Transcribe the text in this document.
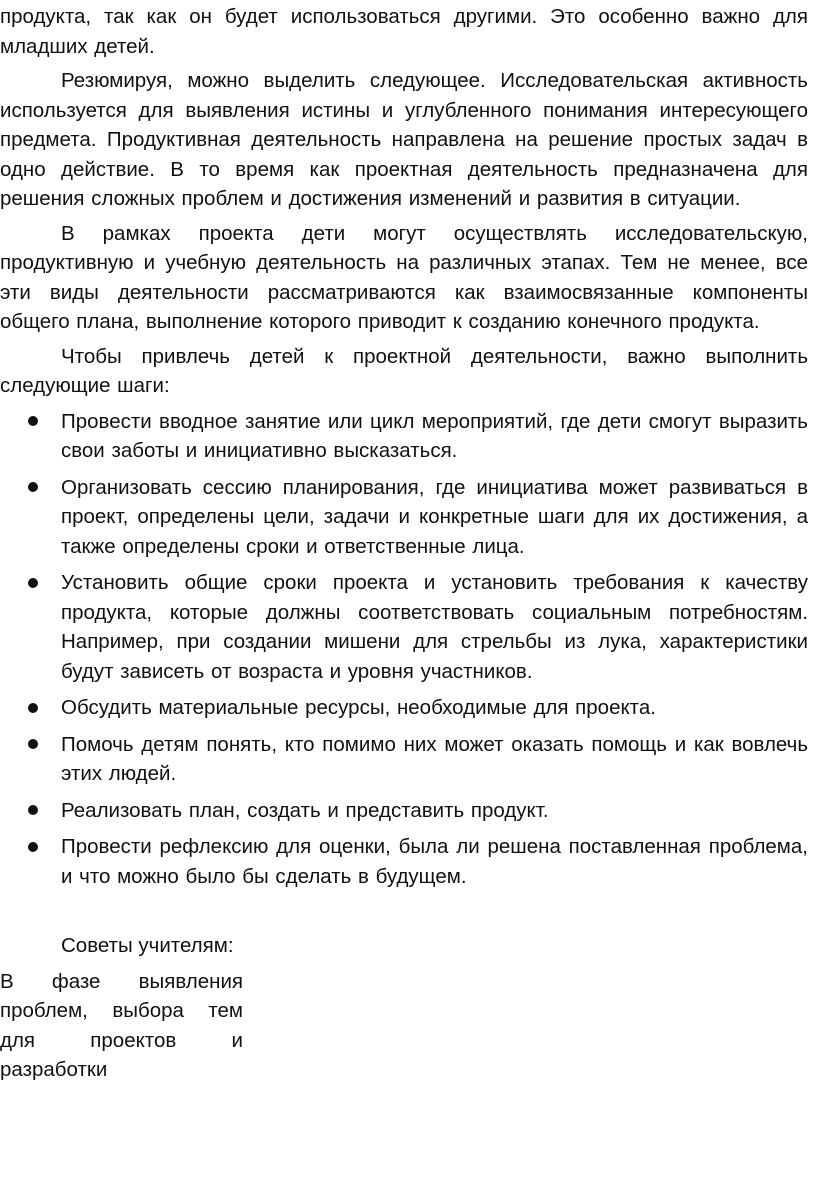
продукта, так как он будет использоваться другими. Это особенно важно для младших детей.

Резюмируя, можно выделить следующее. Исследовательская активность используется для выявления истины и углубленного понимания интересующего предмета. Продуктивная деятельность направлена на решение простых задач в одно действие. В то время как проектная деятельность предназначена для решения сложных проблем и достижения изменений и развития в ситуации.

В рамках проекта дети могут осуществлять исследовательскую, продуктивную и учебную деятельность на различных этапах. Тем не менее, все эти виды деятельности рассматриваются как взаимосвязанные компоненты общего плана, выполнение которого приводит к созданию конечного продукта.

Чтобы привлечь детей к проектной деятельности, важно выполнить следующие шаги:

Провести вводное занятие или цикл мероприятий, где дети смогут выразить свои заботы и инициативно высказаться.
Организовать сессию планирования, где инициатива может развиваться в проект, определены цели, задачи и конкретные шаги для их достижения, а также определены сроки и ответственные лица.
Установить общие сроки проекта и установить требования к качеству продукта, которые должны соответствовать социальным потребностям. Например, при создании мишени для стрельбы из лука, характеристики будут зависеть от возраста и уровня участников.
Обсудить материальные ресурсы, необходимые для проекта.
Помочь детям понять, кто помимо них может оказать помощь и как вовлечь этих людей.
Реализовать план, создать и представить продукт.
Провести рефлексию для оценки, была ли решена поставленная проблема, и что можно было бы сделать в будущем.
Советы учителям:
В фазе выявления проблем, выбора тем для проектов и разработки
